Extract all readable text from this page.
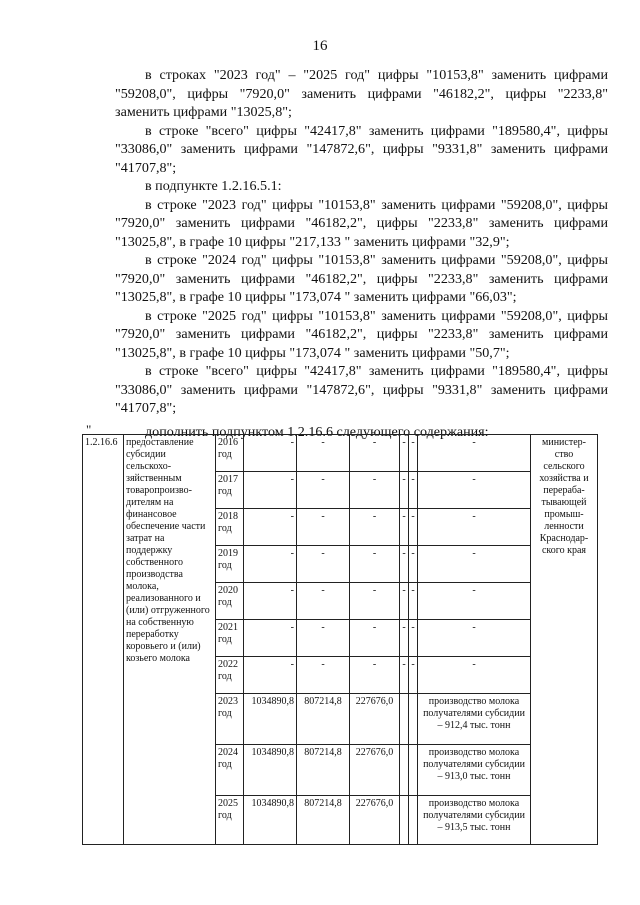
16

в строках "2023 год" – "2025 год" цифры "10153,8" заменить цифрами "59208,0", цифры "7920,0" заменить цифрами "46182,2", цифры "2233,8" заменить цифрами "13025,8";

в строке "всего" цифры "42417,8" заменить цифрами "189580,4", цифры "33086,0" заменить цифрами "147872,6", цифры "9331,8" заменить цифрами "41707,8";

в подпункте 1.2.16.5.1:

в строке "2023 год" цифры "10153,8" заменить цифрами "59208,0", цифры "7920,0" заменить цифрами "46182,2", цифры "2233,8" заменить цифрами "13025,8", в графе 10 цифры "217,133 " заменить цифрами "32,9";

в строке "2024 год" цифры "10153,8" заменить цифрами "59208,0", цифры "7920,0" заменить цифрами "46182,2", цифры "2233,8" заменить цифрами "13025,8", в графе 10 цифры "173,074 " заменить цифрами "66,03";

в строке "2025 год" цифры "10153,8" заменить цифрами "59208,0", цифры "7920,0" заменить цифрами "46182,2", цифры "2233,8" заменить цифрами "13025,8", в графе 10 цифры "173,074 " заменить цифрами "50,7";

в строке "всего" цифры "42417,8" заменить цифрами "189580,4", цифры "33086,0" заменить цифрами "147872,6", цифры "9331,8" заменить цифрами "41707,8";

дополнить подпунктом 1.2.16.6 следующего содержания:

"
1.2.16.6	предоставление субсидии сельскохо-зяйственным товаропроизво-дителям на финансовое обеспечение части затрат на поддержку собственного производства молока, реализованного и (или) отгруженного на собственную переработку коровьего и (или) козьего молока	2016 год	-	-	-	-	-	-	министер-ство сельского хозяйства и перераба-тывающей промыш-ленности Краснодар-ского края
		2017 год	-	-	-	-	-	-	
		2018 год	-	-	-	-	-	-	
		2019 год	-	-	-	-	-	-	
		2020 год	-	-	-	-	-	-	
		2021 год	-	-	-	-	-	-	
		2022 год	-	-	-	-	-	-	
		2023 год	1034890,8	807214,8	227676,0			производство молока получателями субсидии – 912,4 тыс. тонн	
		2024 год	1034890,8	807214,8	227676,0			производство молока получателями субсидии – 913,0 тыс. тонн	
		2025 год	1034890,8	807214,8	227676,0			производство молока получателями субсидии – 913,5 тыс. тонн	
